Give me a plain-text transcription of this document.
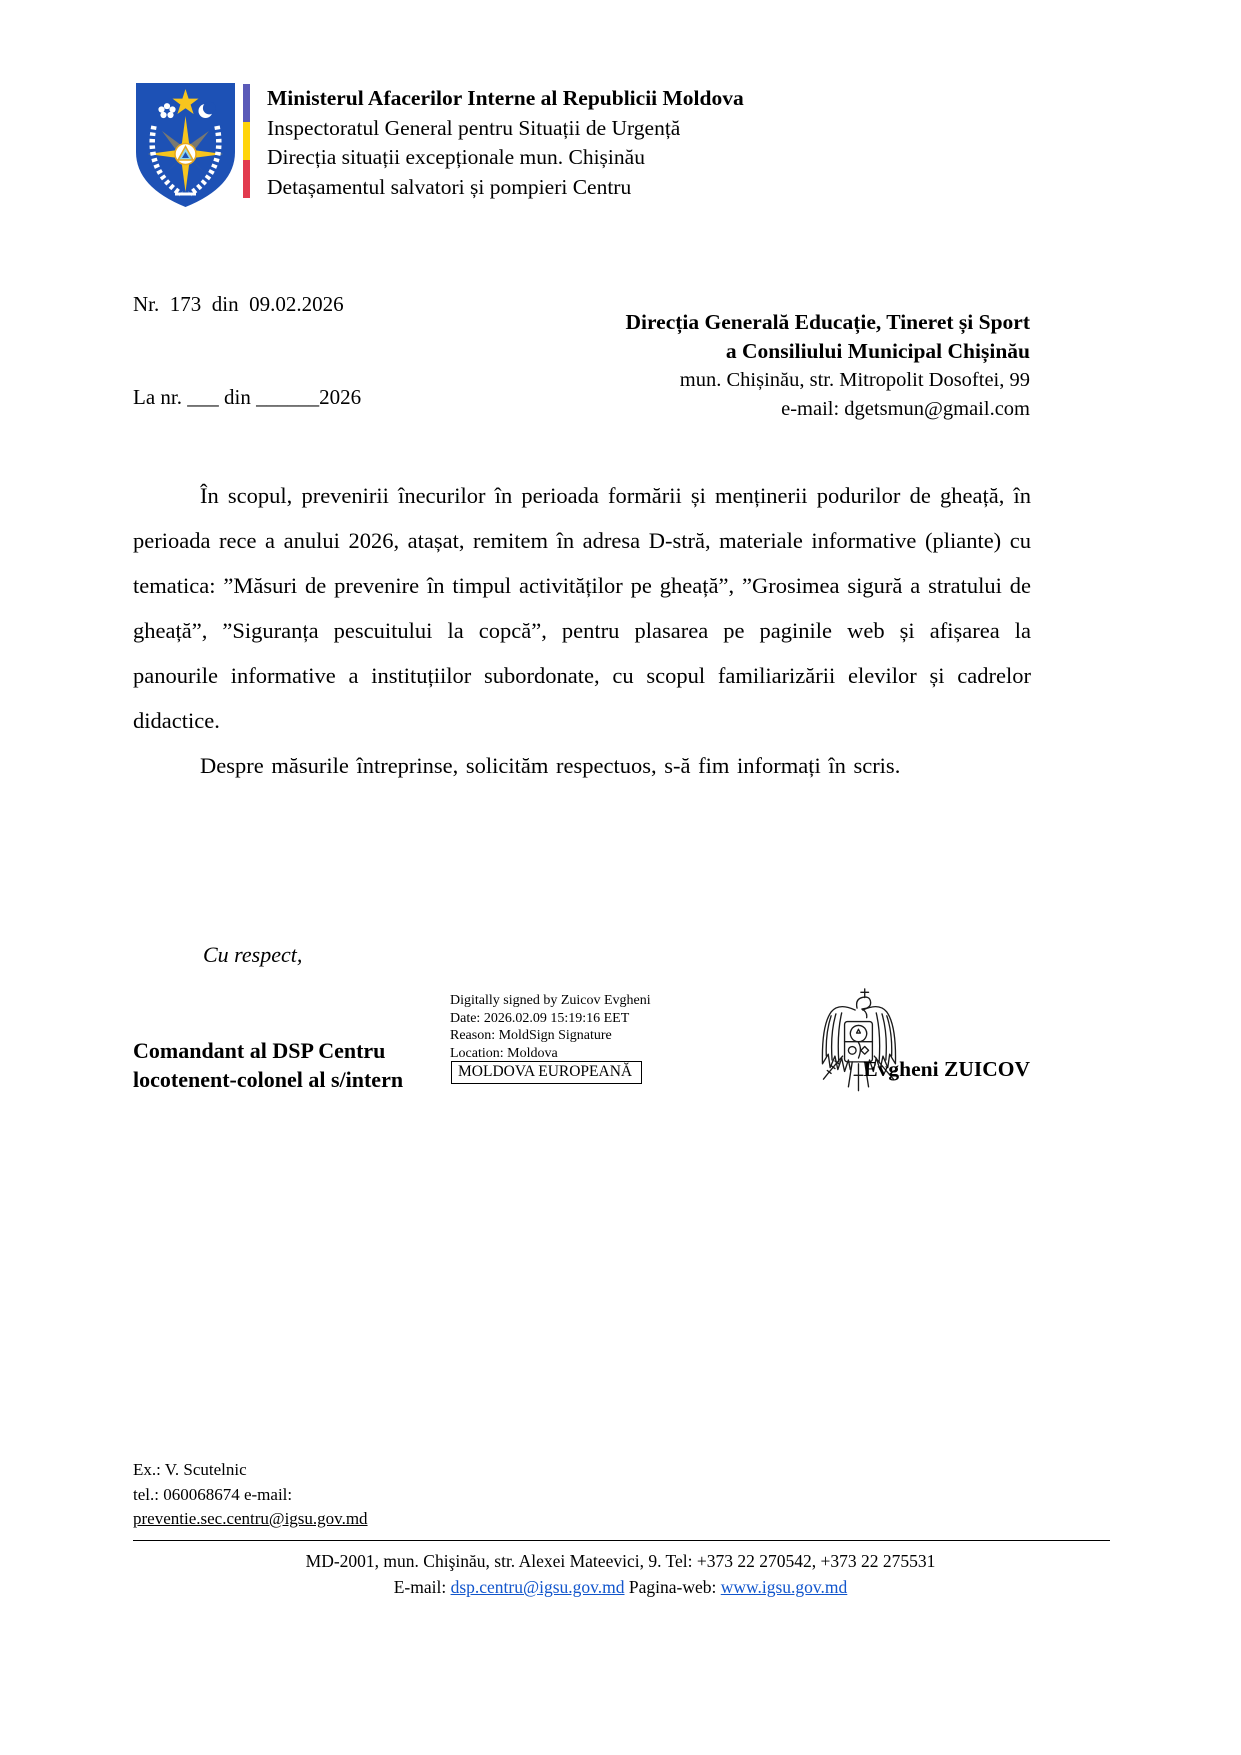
Ministerul Afacerilor Interne al Republicii Moldova
Inspectoratul General pentru Situații de Urgență
Direcția situații excepționale mun. Chișinău
Detașamentul salvatori și pompieri Centru

Nr.  173  din  09.02.2026

La nr. ___ din ______2026

Direcția Generală Educație, Tineret și Sport
a Consiliului Municipal Chișinău
mun. Chișinău, str. Mitropolit Dosoftei, 99
e-mail: dgetsmun@gmail.com

În scopul, prevenirii înecurilor în perioada formării și menținerii podurilor de gheață, în perioada rece a anului 2026, atașat, remitem în adresa D-stră, materiale informative (pliante) cu tematica: ”Măsuri de prevenire în timpul activităților pe gheață”, ”Grosimea sigură a stratului de gheață”, ”Siguranța pescuitului la copcă”, pentru plasarea pe paginile web și afișarea la panourile informative a instituțiilor subordonate, cu scopul familiarizării elevilor și cadrelor didactice.

Despre măsurile întreprinse, solicităm respectuos, s-ă fim informați în scris.

Cu respect,
Comandant al DSP Centru
locotenent-colonel al s/intern
Digitally signed by Zuicov Evgheni
Date: 2026.02.09 15:19:16 EET
Reason: MoldSign Signature
Location: Moldova
MOLDOVA EUROPEANĂ	Evgheni ZUICOV
Ex.: V. Scutelnic
tel.: 060068674 e-mail:
preventie.sec.centru@igsu.gov.md
MD-2001, mun. Chişinău, str. Alexei Mateevici, 9. Tel: +373 22 270542, +373 22 275531
E-mail: dsp.centru@igsu.gov.md Pagina-web: www.igsu.gov.md
